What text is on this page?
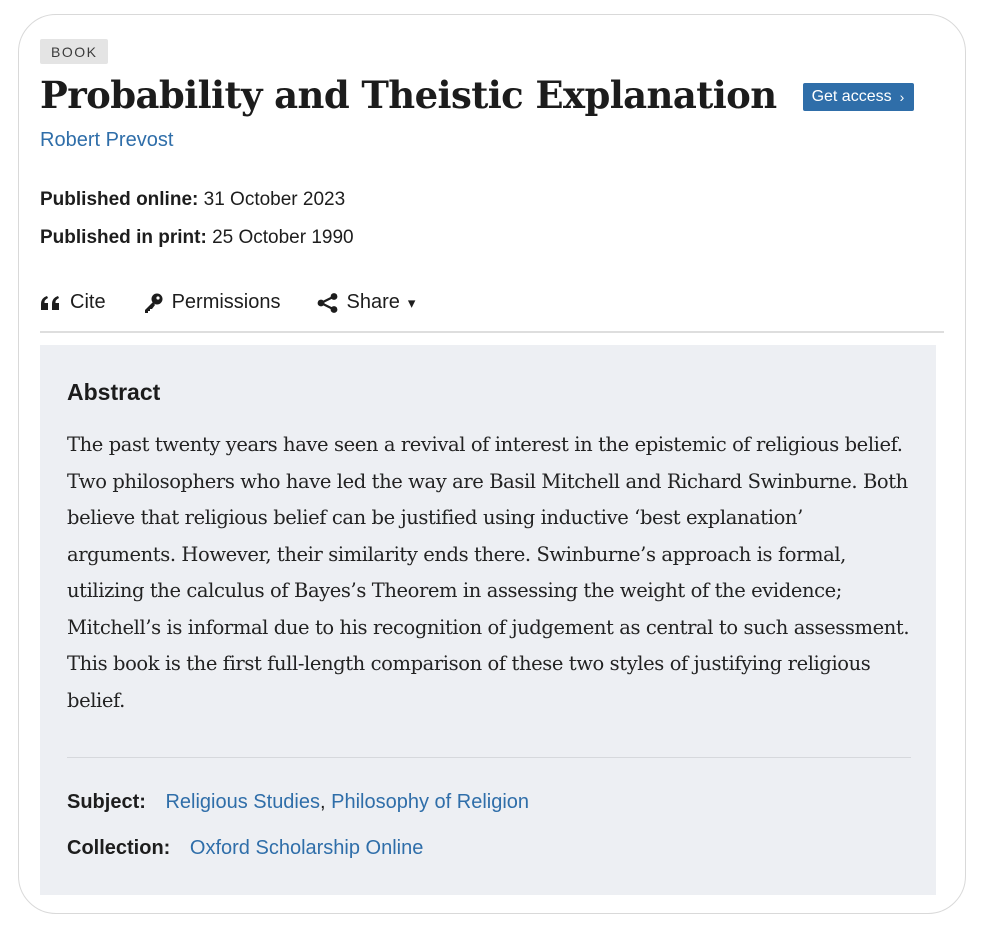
BOOK
Probability and Theistic Explanation Get access ›
Robert Prevost
Published online: 31 October 2023
Published in print: 25 October 1990
Cite	Permissions	Share ▾
Abstract

The past twenty years have seen a revival of interest in the epistemic of religious belief. Two philosophers who have led the way are Basil Mitchell and Richard Swinburne. Both believe that religious belief can be justified using inductive ‘best explanation’ arguments. However, their similarity ends there. Swinburne’s approach is formal, utilizing the calculus of Bayes’s Theorem in assessing the weight of the evidence; Mitchell’s is informal due to his recognition of judgement as central to such assessment. This book is the first full-length comparison of these two styles of justifying religious belief.

Subject: Religious Studies, Philosophy of Religion
Collection: Oxford Scholarship Online
